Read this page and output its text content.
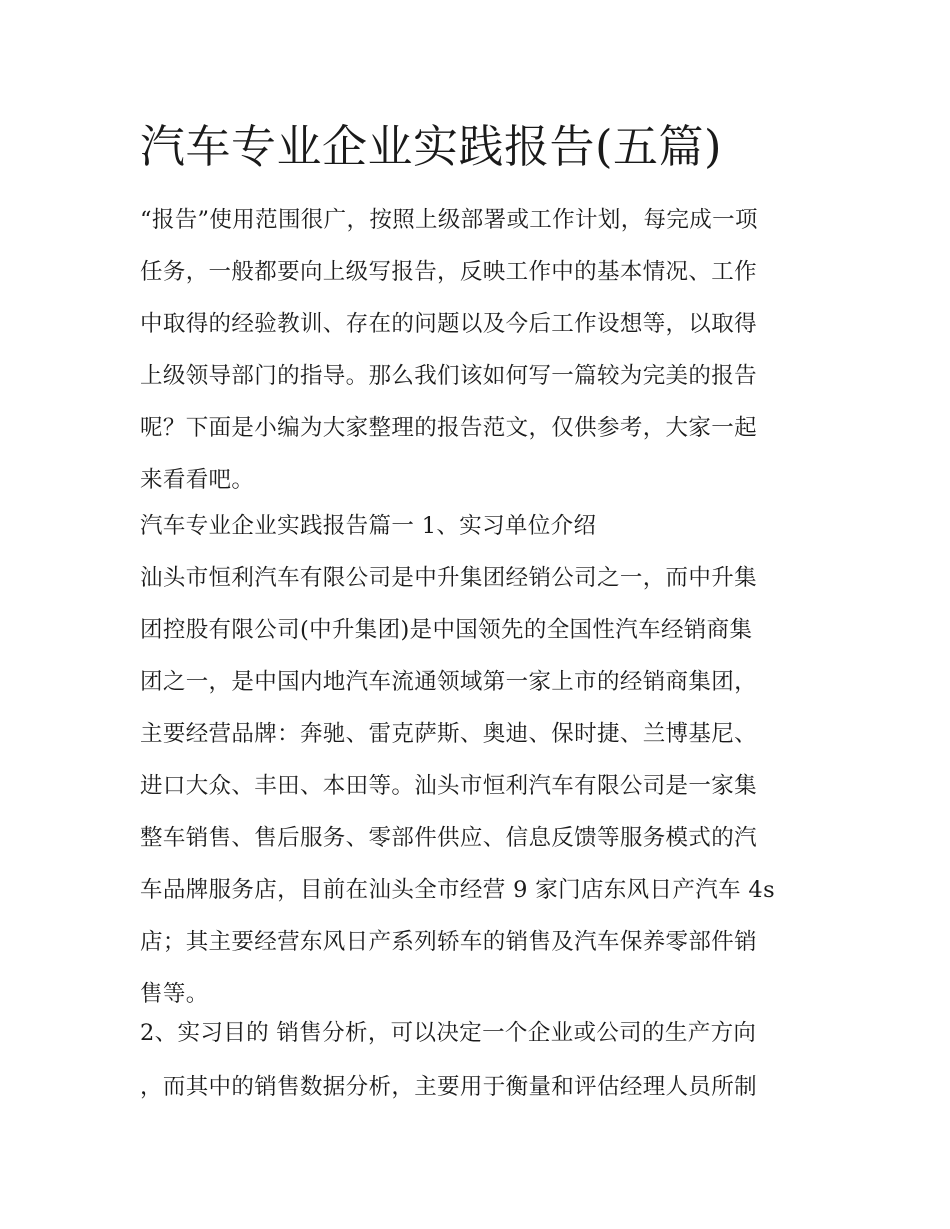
汽车专业企业实践报告(五篇)

“报告”使用范围很广，按照上级部署或工作计划，每完成一项
任务，一般都要向上级写报告，反映工作中的基本情况、工作
中取得的经验教训、存在的问题以及今后工作设想等，以取得
上级领导部门的指导。那么我们该如何写一篇较为完美的报告
呢？下面是小编为大家整理的报告范文，仅供参考，大家一起
来看看吧。

汽车专业企业实践报告篇一 1、实习单位介绍

汕头市恒利汽车有限公司是中升集团经销公司之一，而中升集
团控股有限公司(中升集团)是中国领先的全国性汽车经销商集
团之一，是中国内地汽车流通领域第一家上市的经销商集团，
主要经营品牌：奔驰、雷克萨斯、奥迪、保时捷、兰博基尼、
进口大众、丰田、本田等。汕头市恒利汽车有限公司是一家集
整车销售、售后服务、零部件供应、信息反馈等服务模式的汽
车品牌服务店，目前在汕头全市经营 9 家门店东风日产汽车 4s
店；其主要经营东风日产系列轿车的销售及汽车保养零部件销
售等。

2、实习目的 销售分析，可以决定一个企业或公司的生产方向
，而其中的销售数据分析，主要用于衡量和评估经理人员所制
